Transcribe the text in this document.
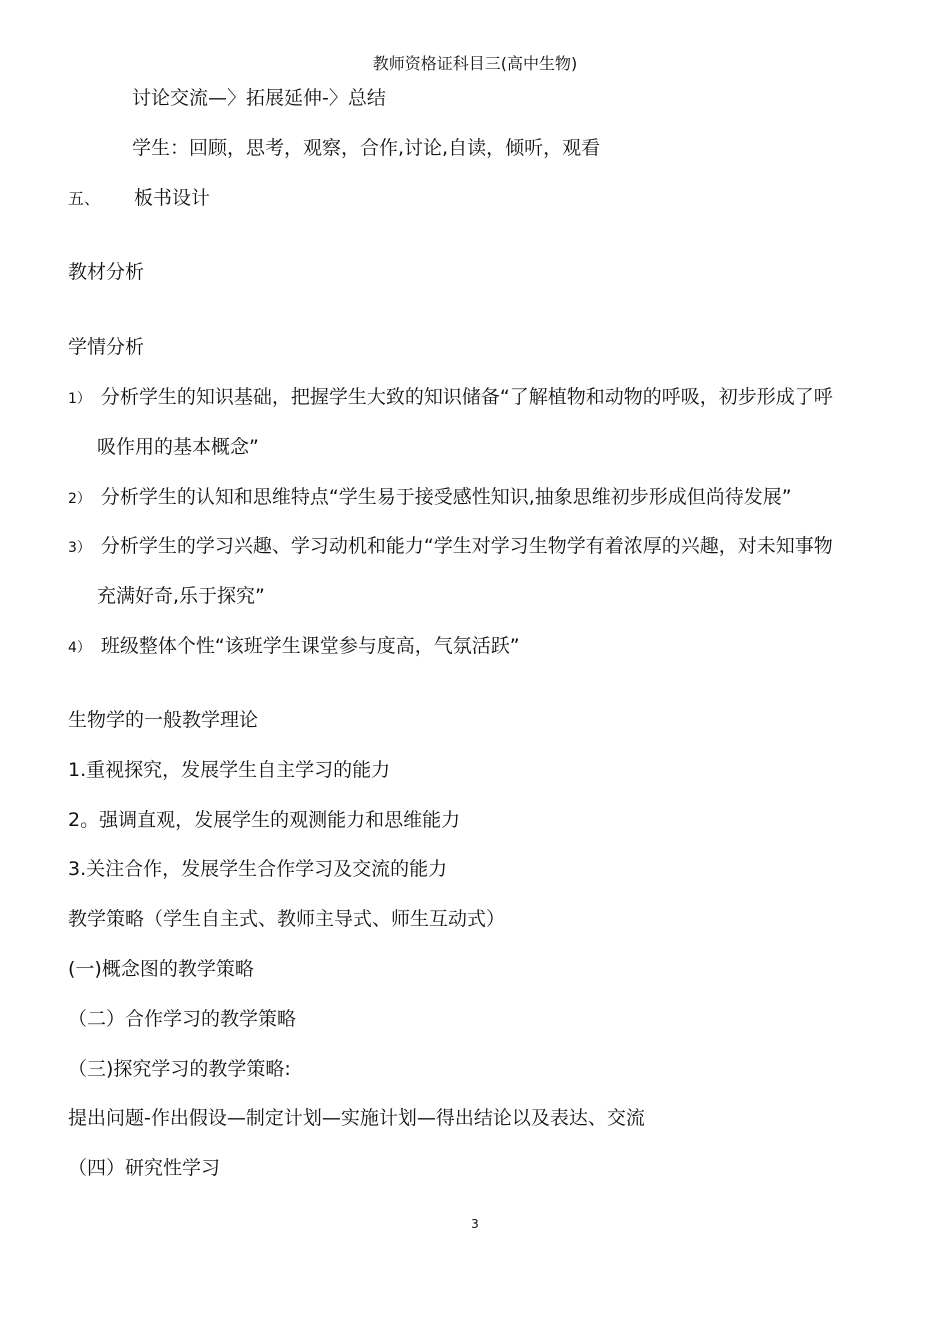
教师资格证科目三(高中生物)
讨论交流—〉拓展延伸-〉总结
学生：回顾，思考，观察，合作,讨论,自读，倾听，观看
五、 板书设计
教材分析
学情分析
1） 分析学生的知识基础，把握学生大致的知识储备“了解植物和动物的呼吸，初步形成了呼
吸作用的基本概念”
2） 分析学生的认知和思维特点“学生易于接受感性知识,抽象思维初步形成但尚待发展”
3） 分析学生的学习兴趣、学习动机和能力“学生对学习生物学有着浓厚的兴趣，对未知事物
充满好奇,乐于探究”
4） 班级整体个性“该班学生课堂参与度高，气氛活跃”
生物学的一般教学理论
1.重视探究，发展学生自主学习的能力
2。强调直观，发展学生的观测能力和思维能力
3.关注合作，发展学生合作学习及交流的能力
教学策略（学生自主式、教师主导式、师生互动式）
(一)概念图的教学策略
（二）合作学习的教学策略
（三)探究学习的教学策略:
提出问题-作出假设—制定计划—实施计划—得出结论以及表达、交流
（四）研究性学习
3
